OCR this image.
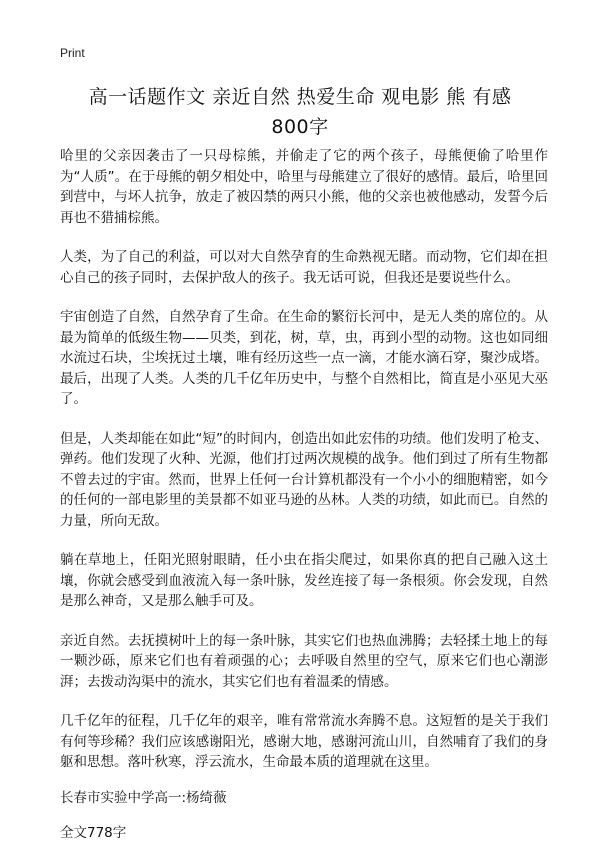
Print
高一话题作文 亲近自然 热爱生命 观电影 熊 有感
800字

哈里的父亲因袭击了一只母棕熊，并偷走了它的两个孩子，母熊便偷了哈里作为“人质”。在于母熊的朝夕相处中，哈里与母熊建立了很好的感情。最后，哈里回到营中，与坏人抗争，放走了被囚禁的两只小熊，他的父亲也被他感动，发誓今后再也不猎捕棕熊。

人类，为了自己的利益，可以对大自然孕育的生命熟视无睹。而动物，它们却在担心自己的孩子同时，去保护敌人的孩子。我无话可说，但我还是要说些什么。

宇宙创造了自然，自然孕育了生命。在生命的繁衍长河中，是无人类的席位的。从最为简单的低级生物——贝类，到花，树，草，虫，再到小型的动物。这也如同细水流过石块，尘埃抚过土壤，唯有经历这些一点一滴，才能水滴石穿，聚沙成塔。最后，出现了人类。人类的几千亿年历史中，与整个自然相比，简直是小巫见大巫了。

但是，人类却能在如此“短”的时间内，创造出如此宏伟的功绩。他们发明了枪支、弹药。他们发现了火种、光源，他们打过两次规模的战争。他们到过了所有生物都不曾去过的宇宙。然而，世界上任何一台计算机都没有一个小小的细胞精密，如今的任何的一部电影里的美景都不如亚马逊的丛林。人类的功绩，如此而已。自然的力量，所向无敌。

躺在草地上，任阳光照射眼睛，任小虫在指尖爬过，如果你真的把自己融入这土壤，你就会感受到血液流入每一条叶脉，发丝连接了每一条根须。你会发现，自然是那么神奇，又是那么触手可及。

亲近自然。去抚摸树叶上的每一条叶脉，其实它们也热血沸腾；去轻揉土地上的每一颗沙砾，原来它们也有着顽强的心；去呼吸自然里的空气，原来它们也心潮澎湃；去拨动沟渠中的流水，其实它们也有着温柔的情感。

几千亿年的征程，几千亿年的艰辛，唯有常常流水奔腾不息。这短暂的是关于我们有何等珍稀？我们应该感谢阳光，感谢大地，感谢河流山川，自然哺育了我们的身躯和思想。落叶秋寒，浮云流水，生命最本质的道理就在这里。

长春市实验中学高一:杨绮薇

全文778字
